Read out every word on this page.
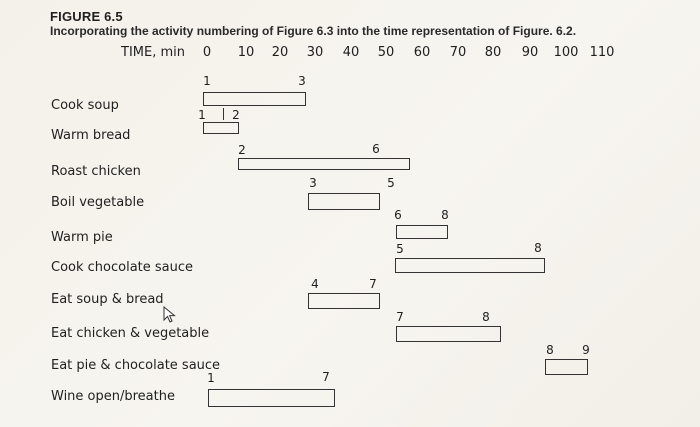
FIGURE 6.5
Incorporating the activity numbering of Figure 6.3 into the time representation of Figure. 6.2.
TIME, min 0 10 20 30 40 50 60 70 80 90 100 110
Cook soup
Warm bread
Roast chicken
Boil vegetable
Warm pie
Cook chocolate sauce
Eat soup & bread
Eat chicken & vegetable
Eat pie & chocolate sauce
Wine open/breathe
1	3
1 2
2	6
3	5
6	8
5	8
4	7
7	8
8 9
1	7
